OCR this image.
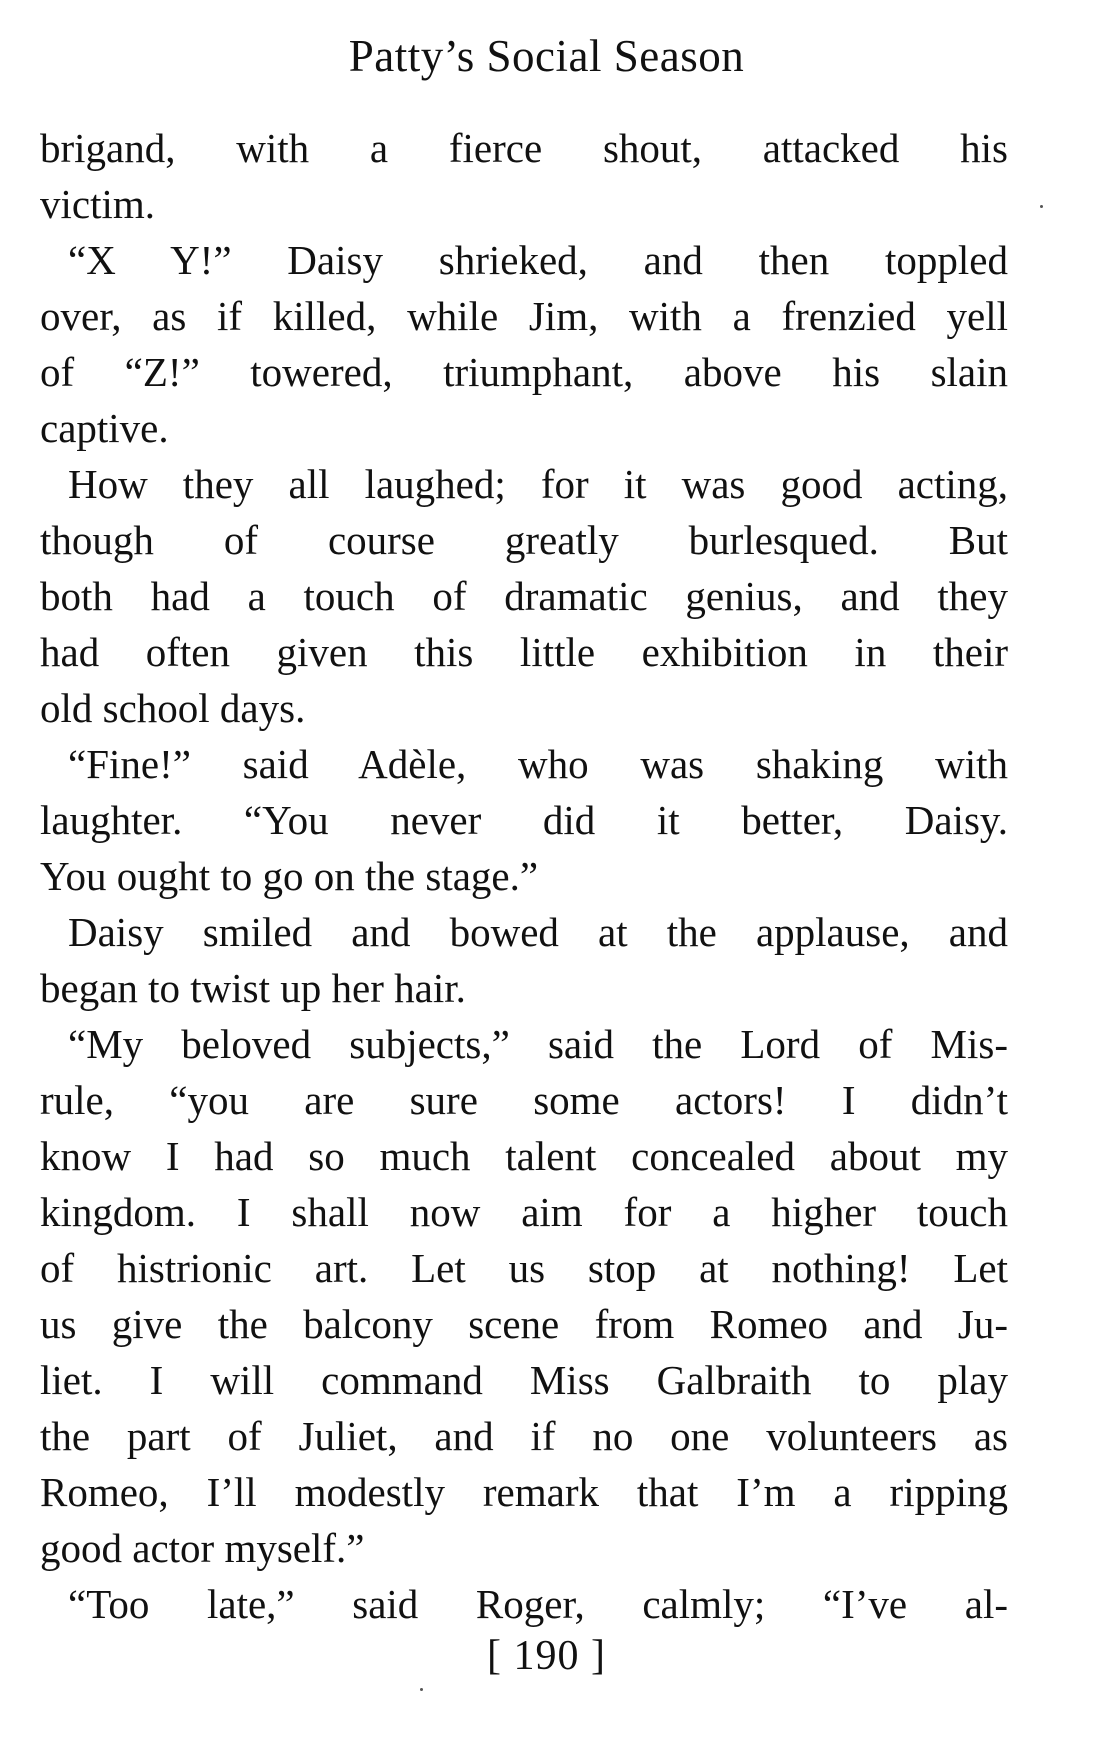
Patty’s Social Season
brigand, with a fierce shout, attacked his
victim.
“X Y!” Daisy shrieked, and then toppled
over, as if killed, while Jim, with a frenzied yell
of “Z!” towered, triumphant, above his slain
captive.
How they all laughed; for it was good acting,
though of course greatly burlesqued. But
both had a touch of dramatic genius, and they
had often given this little exhibition in their
old school days.
“Fine!” said Adèle, who was shaking with
laughter. “You never did it better, Daisy.
You ought to go on the stage.”
Daisy smiled and bowed at the applause, and
began to twist up her hair.
“My beloved subjects,” said the Lord of Mis-
rule, “you are sure some actors! I didn’t
know I had so much talent concealed about my
kingdom. I shall now aim for a higher touch
of histrionic art. Let us stop at nothing! Let
us give the balcony scene from Romeo and Ju-
liet. I will command Miss Galbraith to play
the part of Juliet, and if no one volunteers as
Romeo, I’ll modestly remark that I’m a ripping
good actor myself.”
“Too late,” said Roger, calmly; “I’ve al-
[ 190 ]
